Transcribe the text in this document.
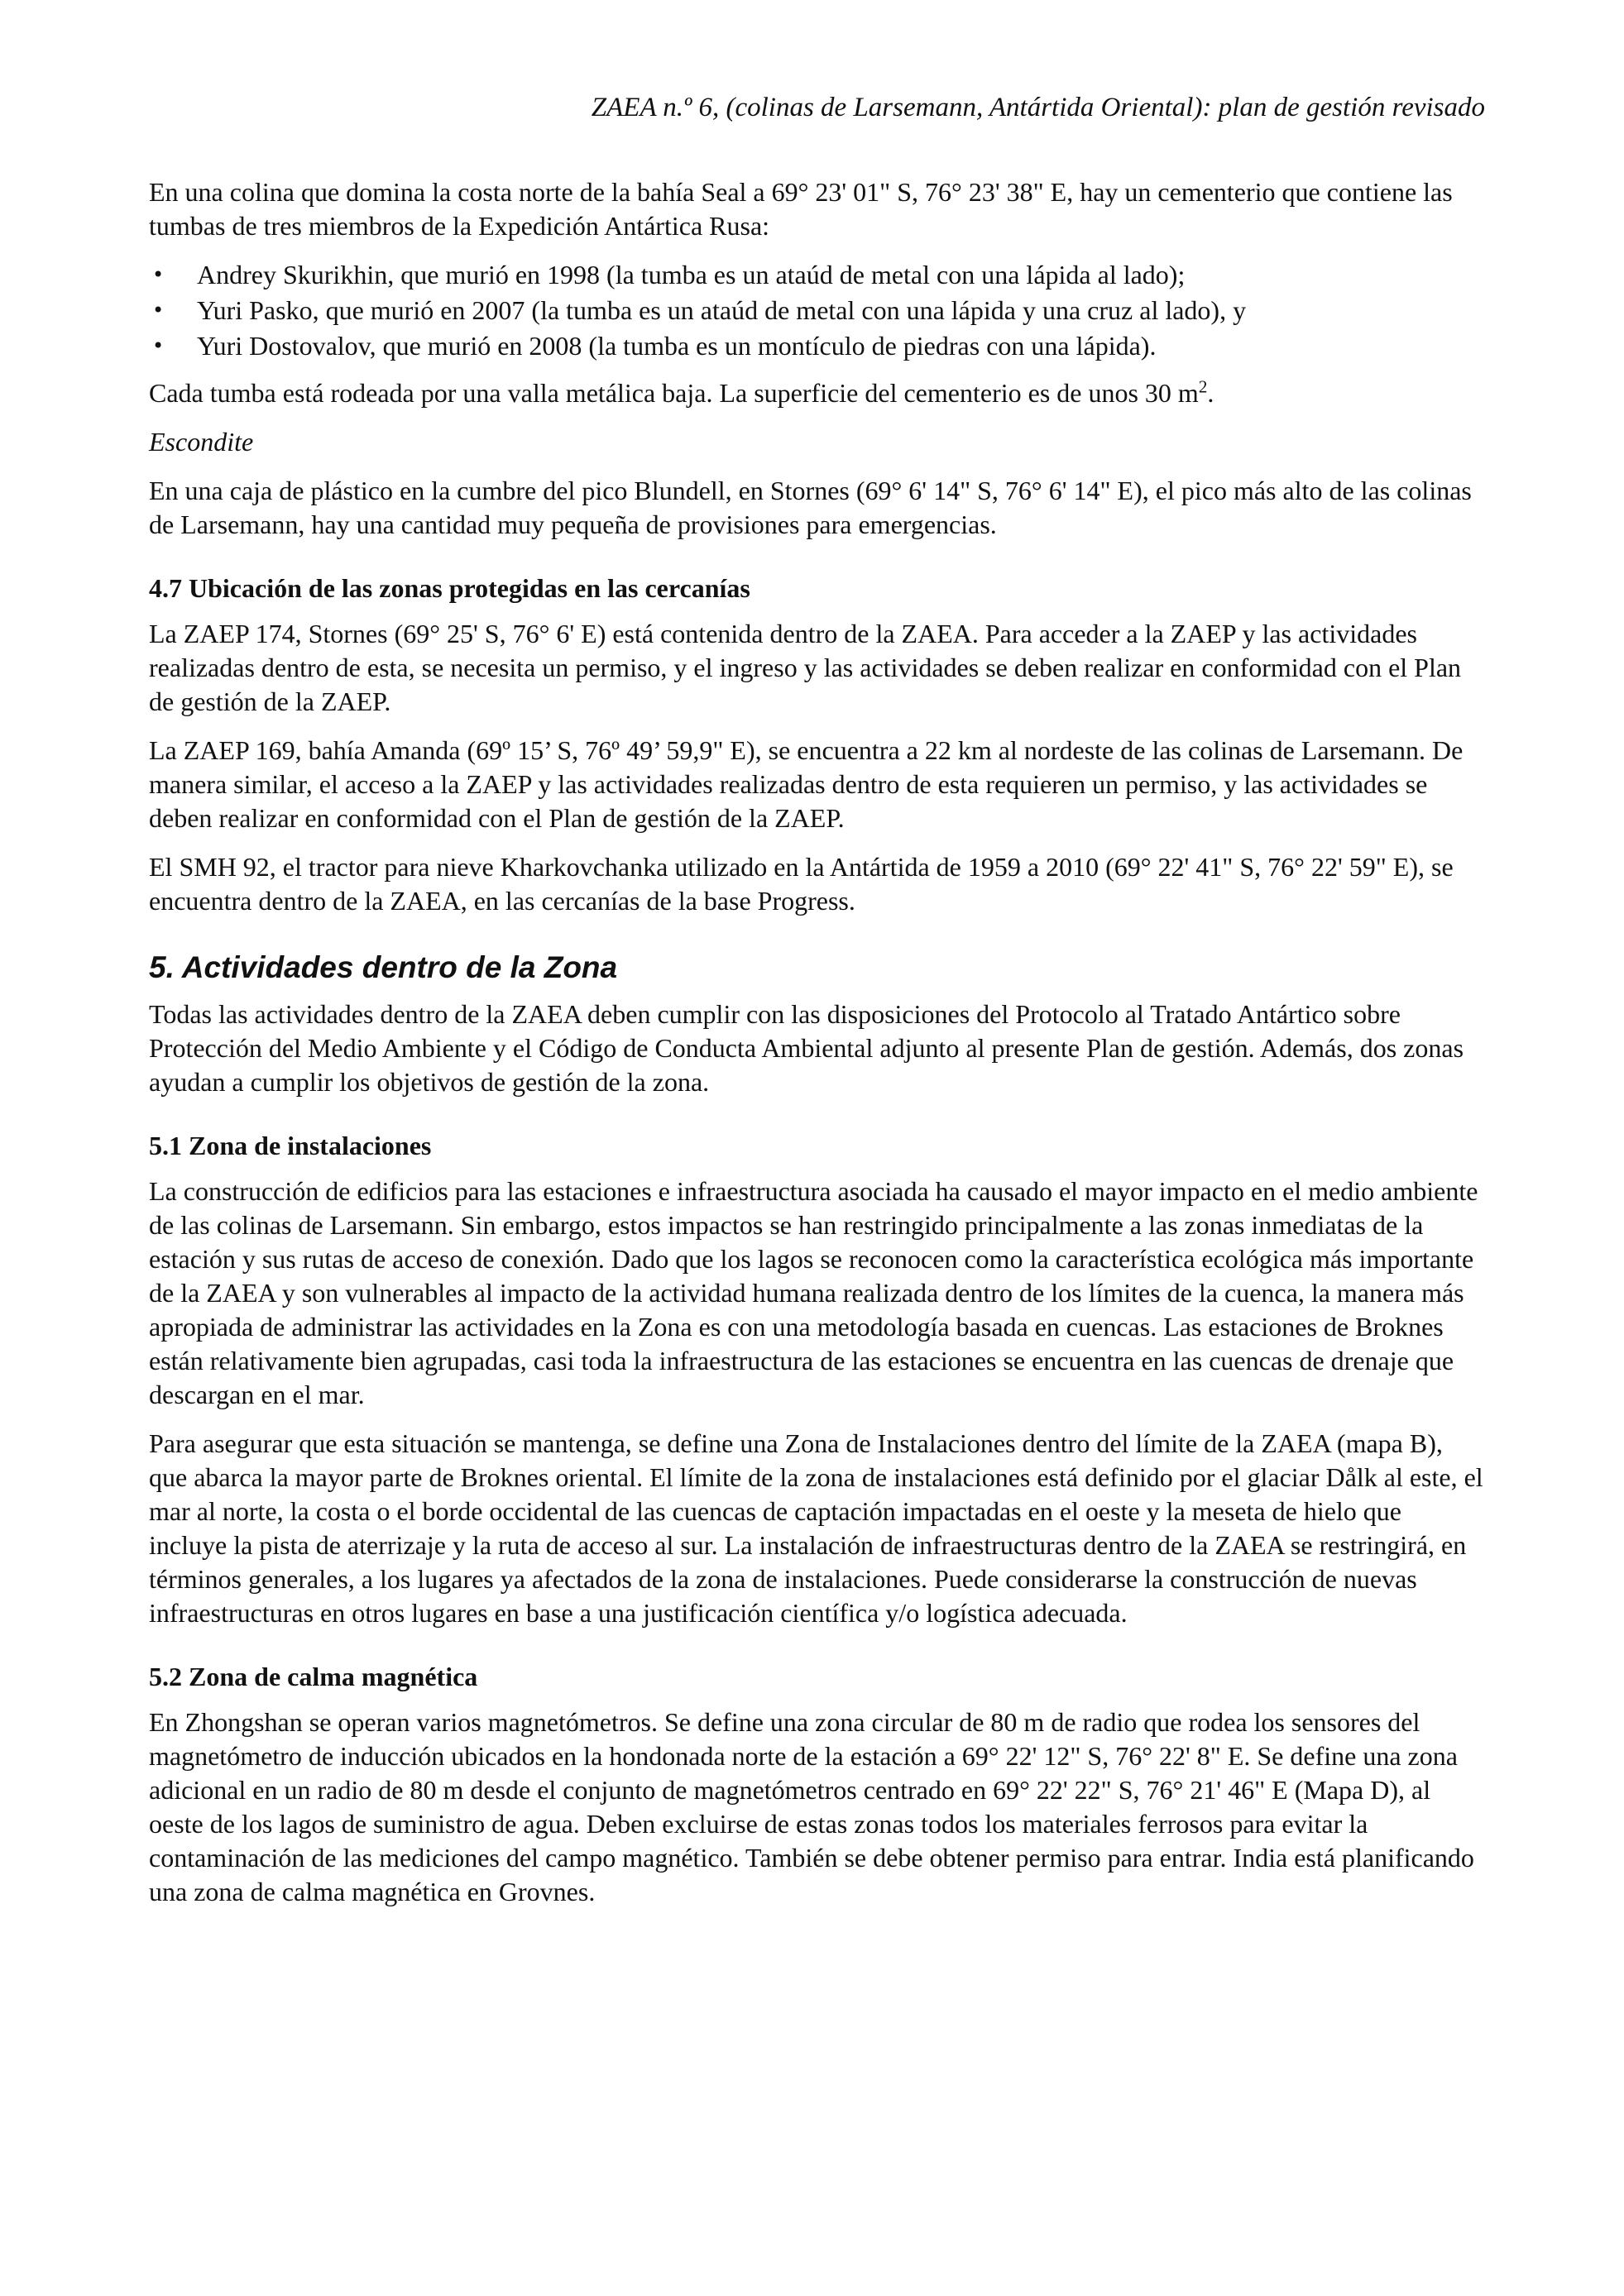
ZAEA n.º 6, (colinas de Larsemann, Antártida Oriental): plan de gestión revisado

En una colina que domina la costa norte de la bahía Seal a 69° 23' 01" S, 76° 23' 38" E, hay un cementerio que contiene las tumbas de tres miembros de la Expedición Antártica Rusa:

• Andrey Skurikhin, que murió en 1998 (la tumba es un ataúd de metal con una lápida al lado);
• Yuri Pasko, que murió en 2007 (la tumba es un ataúd de metal con una lápida y una cruz al lado), y
• Yuri Dostovalov, que murió en 2008 (la tumba es un montículo de piedras con una lápida).

Cada tumba está rodeada por una valla metálica baja. La superficie del cementerio es de unos 30 $m^2$.

Escondite

En una caja de plástico en la cumbre del pico Blundell, en Stornes (69° 6' 14" S, 76° 6' 14" E), el pico más alto de las colinas de Larsemann, hay una cantidad muy pequeña de provisiones para emergencias.

4.7 Ubicación de las zonas protegidas en las cercanías

La ZAEP 174, Stornes (69° 25' S, 76° 6' E) está contenida dentro de la ZAEA. Para acceder a la ZAEP y las actividades realizadas dentro de esta, se necesita un permiso, y el ingreso y las actividades se deben realizar en conformidad con el Plan de gestión de la ZAEP.

La ZAEP 169, bahía Amanda (69º 15’ S, 76º 49’ 59,9" E), se encuentra a 22 km al nordeste de las colinas de Larsemann. De manera similar, el acceso a la ZAEP y las actividades realizadas dentro de esta requieren un permiso, y las actividades se deben realizar en conformidad con el Plan de gestión de la ZAEP.

El SMH 92, el tractor para nieve Kharkovchanka utilizado en la Antártida de 1959 a 2010 (69° 22' 41" S, 76° 22' 59" E), se encuentra dentro de la ZAEA, en las cercanías de la base Progress.

5. Actividades dentro de la Zona

Todas las actividades dentro de la ZAEA deben cumplir con las disposiciones del Protocolo al Tratado Antártico sobre Protección del Medio Ambiente y el Código de Conducta Ambiental adjunto al presente Plan de gestión. Además, dos zonas ayudan a cumplir los objetivos de gestión de la zona.

5.1 Zona de instalaciones

La construcción de edificios para las estaciones e infraestructura asociada ha causado el mayor impacto en el medio ambiente de las colinas de Larsemann. Sin embargo, estos impactos se han restringido principalmente a las zonas inmediatas de la estación y sus rutas de acceso de conexión. Dado que los lagos se reconocen como la característica ecológica más importante de la ZAEA y son vulnerables al impacto de la actividad humana realizada dentro de los límites de la cuenca, la manera más apropiada de administrar las actividades en la Zona es con una metodología basada en cuencas. Las estaciones de Broknes están relativamente bien agrupadas, casi toda la infraestructura de las estaciones se encuentra en las cuencas de drenaje que descargan en el mar.

Para asegurar que esta situación se mantenga, se define una Zona de Instalaciones dentro del límite de la ZAEA (mapa B), que abarca la mayor parte de Broknes oriental. El límite de la zona de instalaciones está definido por el glaciar Dålk al este, el mar al norte, la costa o el borde occidental de las cuencas de captación impactadas en el oeste y la meseta de hielo que incluye la pista de aterrizaje y la ruta de acceso al sur. La instalación de infraestructuras dentro de la ZAEA se restringirá, en términos generales, a los lugares ya afectados de la zona de instalaciones. Puede considerarse la construcción de nuevas infraestructuras en otros lugares en base a una justificación científica y/o logística adecuada.

5.2 Zona de calma magnética

En Zhongshan se operan varios magnetómetros. Se define una zona circular de 80 m de radio que rodea los sensores del magnetómetro de inducción ubicados en la hondonada norte de la estación a 69° 22' 12" S, 76° 22' 8" E. Se define una zona adicional en un radio de 80 m desde el conjunto de magnetómetros centrado en 69° 22' 22" S, 76° 21' 46" E (Mapa D), al oeste de los lagos de suministro de agua. Deben excluirse de estas zonas todos los materiales ferrosos para evitar la contaminación de las mediciones del campo magnético. También se debe obtener permiso para entrar. India está planificando una zona de calma magnética en Grovnes.
